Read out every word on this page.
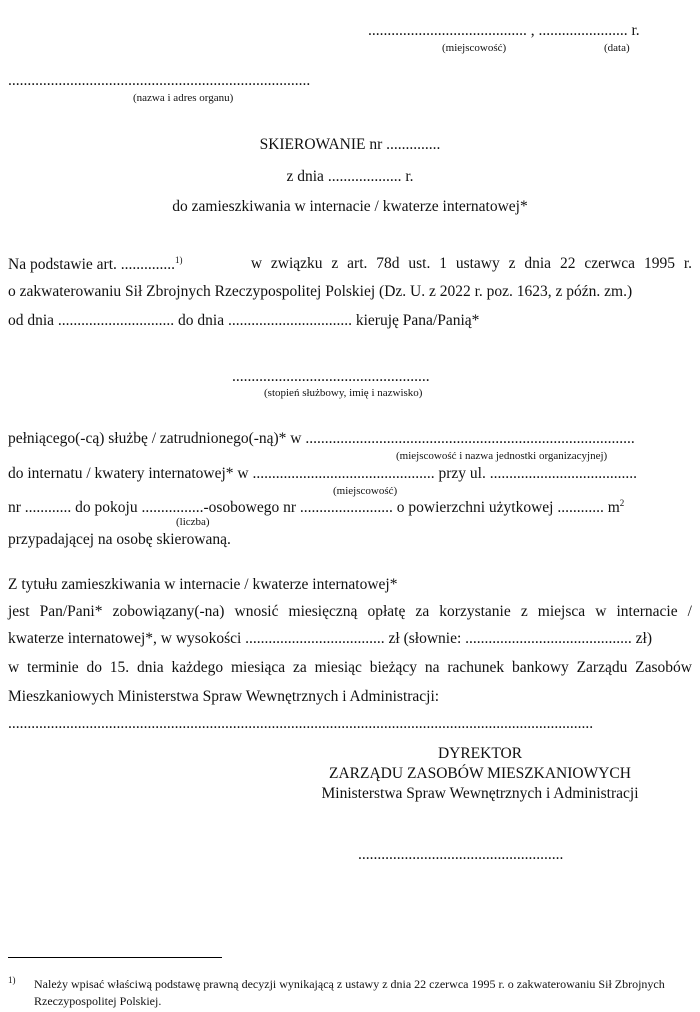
......................................... , ....................... r.
(miejscowość)	(data)
..............................................................................
(nazwa i adres organu)
SKIEROWANIE nr ..............
z dnia ................... r.
do zamieszkiwania w internacie / kwaterze internatowej*
Na podstawie art. ..............$^{1)}$	w związku z art. 78d ust. 1 ustawy z dnia 22 czerwca 1995 r.
o zakwaterowaniu Sił Zbrojnych Rzeczypospolitej Polskiej (Dz. U. z 2022 r. poz. 1623, z późn. zm.)
od dnia .............................. do dnia ................................ kieruję Pana/Panią*
...................................................
(stopień służbowy, imię i nazwisko)
pełniącego(-cą) służbę / zatrudnionego(-ną)* w .....................................................................................
(miejscowość i nazwa jednostki organizacyjnej)
do internatu / kwatery internatowej* w ............................................... przy ul. ......................................
(miejscowość)
nr ............ do pokoju ................-osobowego nr ........................ o powierzchni użytkowej ............ $m^2$
(liczba)
przypadającej na osobę skierowaną.
Z tytułu zamieszkiwania w internacie / kwaterze internatowej*
jest Pan/Pani* zobowiązany(-na) wnosić miesięczną opłatę za korzystanie z miejsca w internacie /
kwaterze internatowej*, w wysokości .................................... zł (słownie: ........................................... zł)
w terminie do 15. dnia każdego miesiąca za miesiąc bieżący na rachunek bankowy Zarządu Zasobów
Mieszkaniowych Ministerstwa Spraw Wewnętrznych i Administracji:
.......................................................................................................................................................
DYREKTOR
ZARZĄDU ZASOBÓW MIESZKANIOWYCH
Ministerstwa Spraw Wewnętrznych i Administracji
.....................................................
1) Należy wpisać właściwą podstawę prawną decyzji wynikającą z ustawy z dnia 22 czerwca 1995 r. o zakwaterowaniu Sił Zbrojnych Rzeczypospolitej Polskiej.
